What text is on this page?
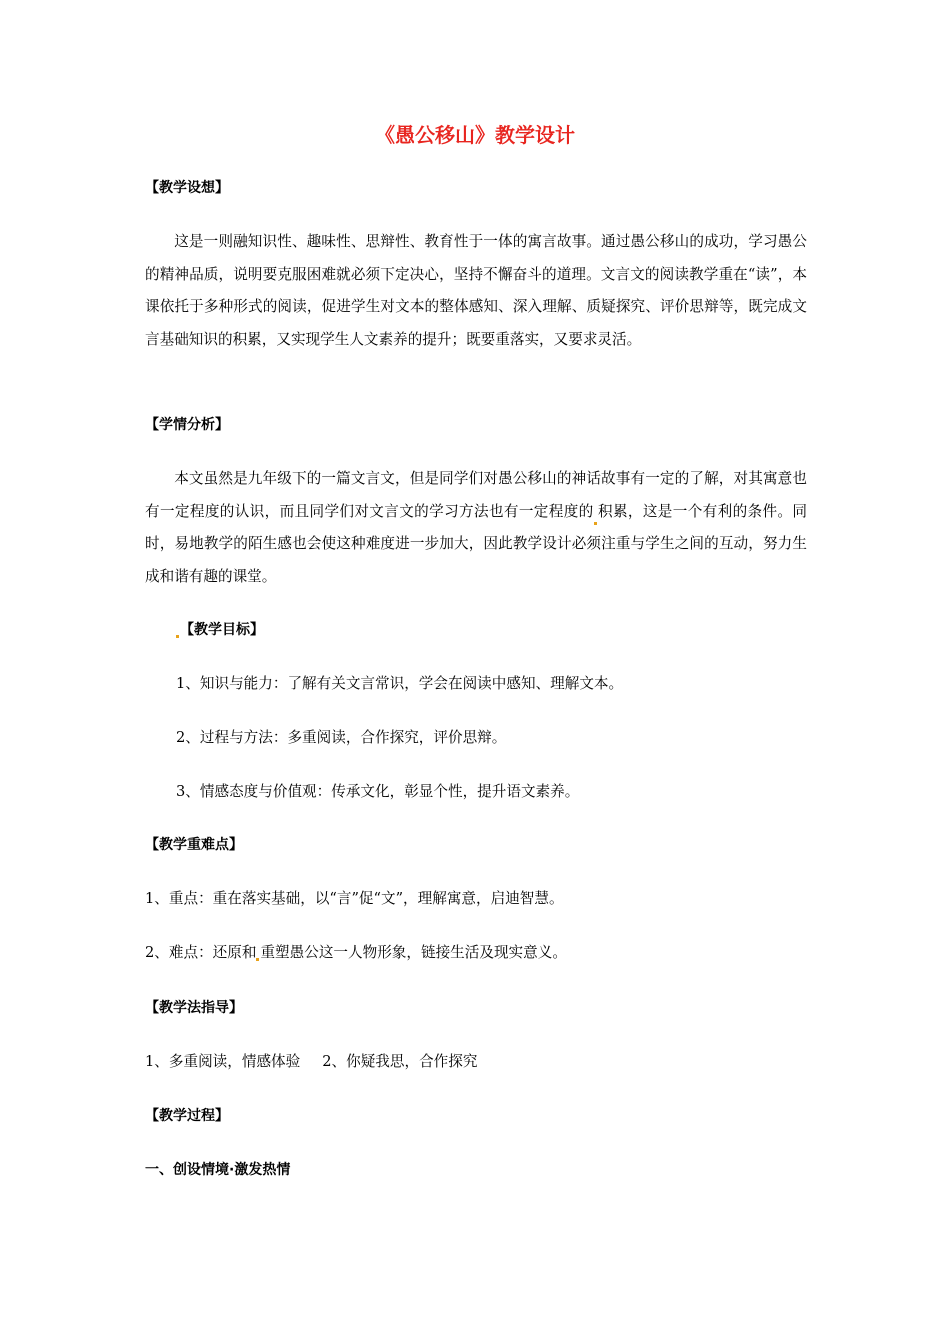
《愚公移山》教学设计
【教学设想】
这是一则融知识性、趣味性、思辩性、教育性于一体的寓言故事。通过愚公移山的成功，学习愚公的精神品质，说明要克服困难就必须下定决心，坚持不懈奋斗的道理。文言文的阅读教学重在“读”，本课依托于多种形式的阅读，促进学生对文本的整体感知、深入理解、质疑探究、评价思辩等，既完成文言基础知识的积累，又实现学生人文素养的提升；既要重落实，又要求灵活。
【学情分析】
本文虽然是九年级下的一篇文言文，但是同学们对愚公移山的神话故事有一定的了解，对其寓意也有一定程度的认识，而且同学们对文言文的学习方法也有一定程度的 积累，这是一个有利的条件。同时，易地教学的陌生感也会使这种难度进一步加大，因此教学设计必须注重与学生之间的互动，努力生成和谐有趣的课堂。
【教学目标】
1、知识与能力：了解有关文言常识，学会在阅读中感知、理解文本。
2、过程与方法：多重阅读，合作探究，评价思辩。
3、情感态度与价值观：传承文化，彰显个性，提升语文素养。
【教学重难点】
1、重点：重在落实基础，以“言”促“文”，理解寓意，启迪智慧。
2、难点：还原和 重塑愚公这一人物形象，链接生活及现实意义。
【教学法指导】
1、多重阅读，情感体验 2、你疑我思，合作探究
【教学过程】
一、创设情境·激发热情
